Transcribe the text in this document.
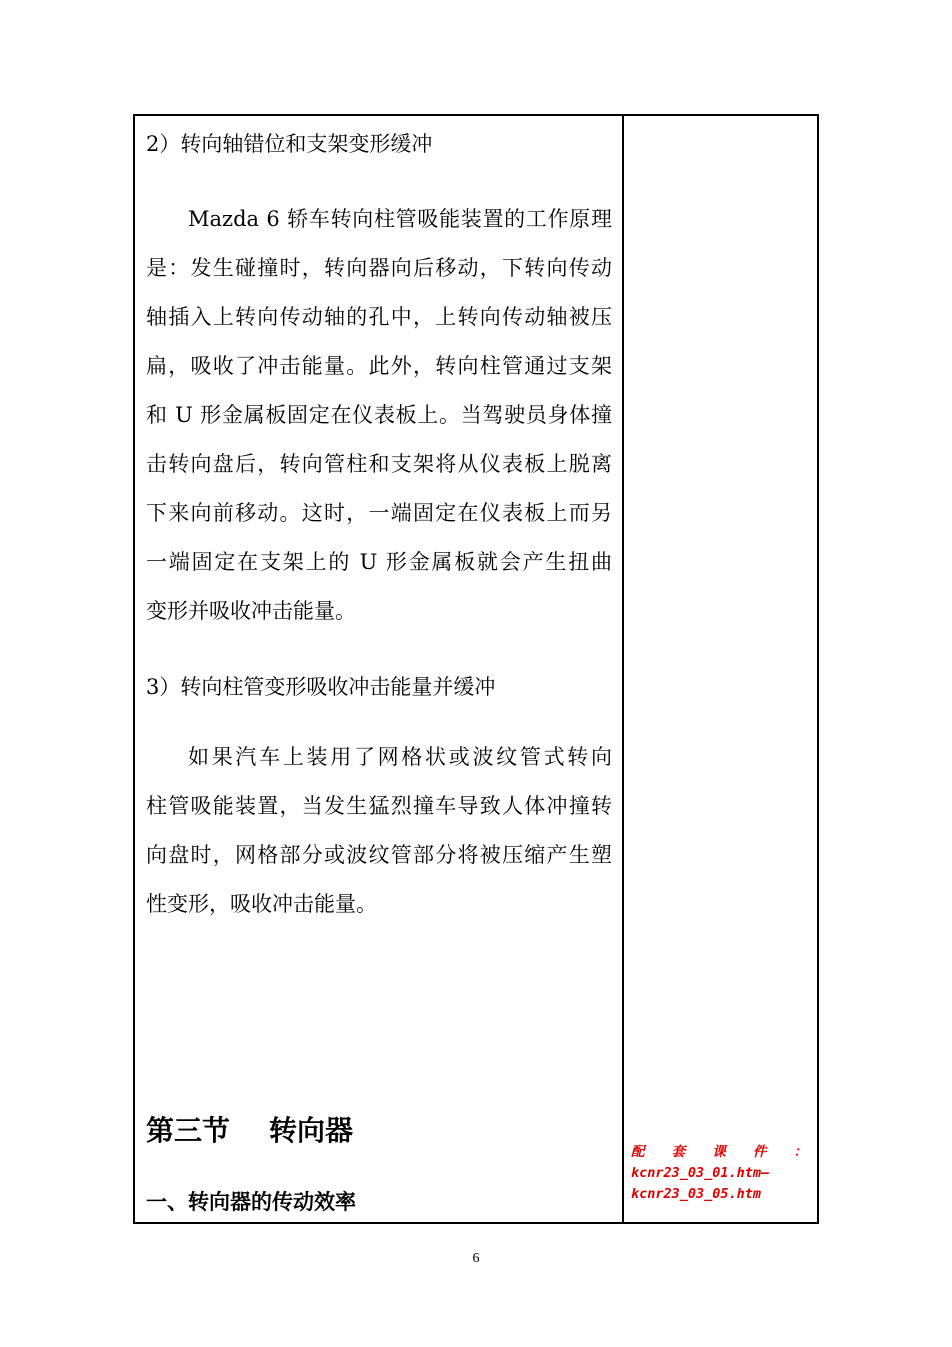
2）转向轴错位和支架变形缓冲
Mazda 6 轿车转向柱管吸能装置的工作原理
是：发生碰撞时，转向器向后移动，下转向传动
轴插入上转向传动轴的孔中，上转向传动轴被压
扁，吸收了冲击能量。此外，转向柱管通过支架
和 U 形金属板固定在仪表板上。当驾驶员身体撞
击转向盘后，转向管柱和支架将从仪表板上脱离
下来向前移动。这时，一端固定在仪表板上而另
一端固定在支架上的 U 形金属板就会产生扭曲
变形并吸收冲击能量。
3）转向柱管变形吸收冲击能量并缓冲
如果汽车上装用了网格状或波纹管式转向
柱管吸能装置，当发生猛烈撞车导致人体冲撞转
向盘时，网格部分或波纹管部分将被压缩产生塑
性变形，吸收冲击能量。
第三节    转向器
一、转向器的传动效率
配 套 课 件 ：
kcnr23_03_01.htm—
kcnr23_03_05.htm
6
